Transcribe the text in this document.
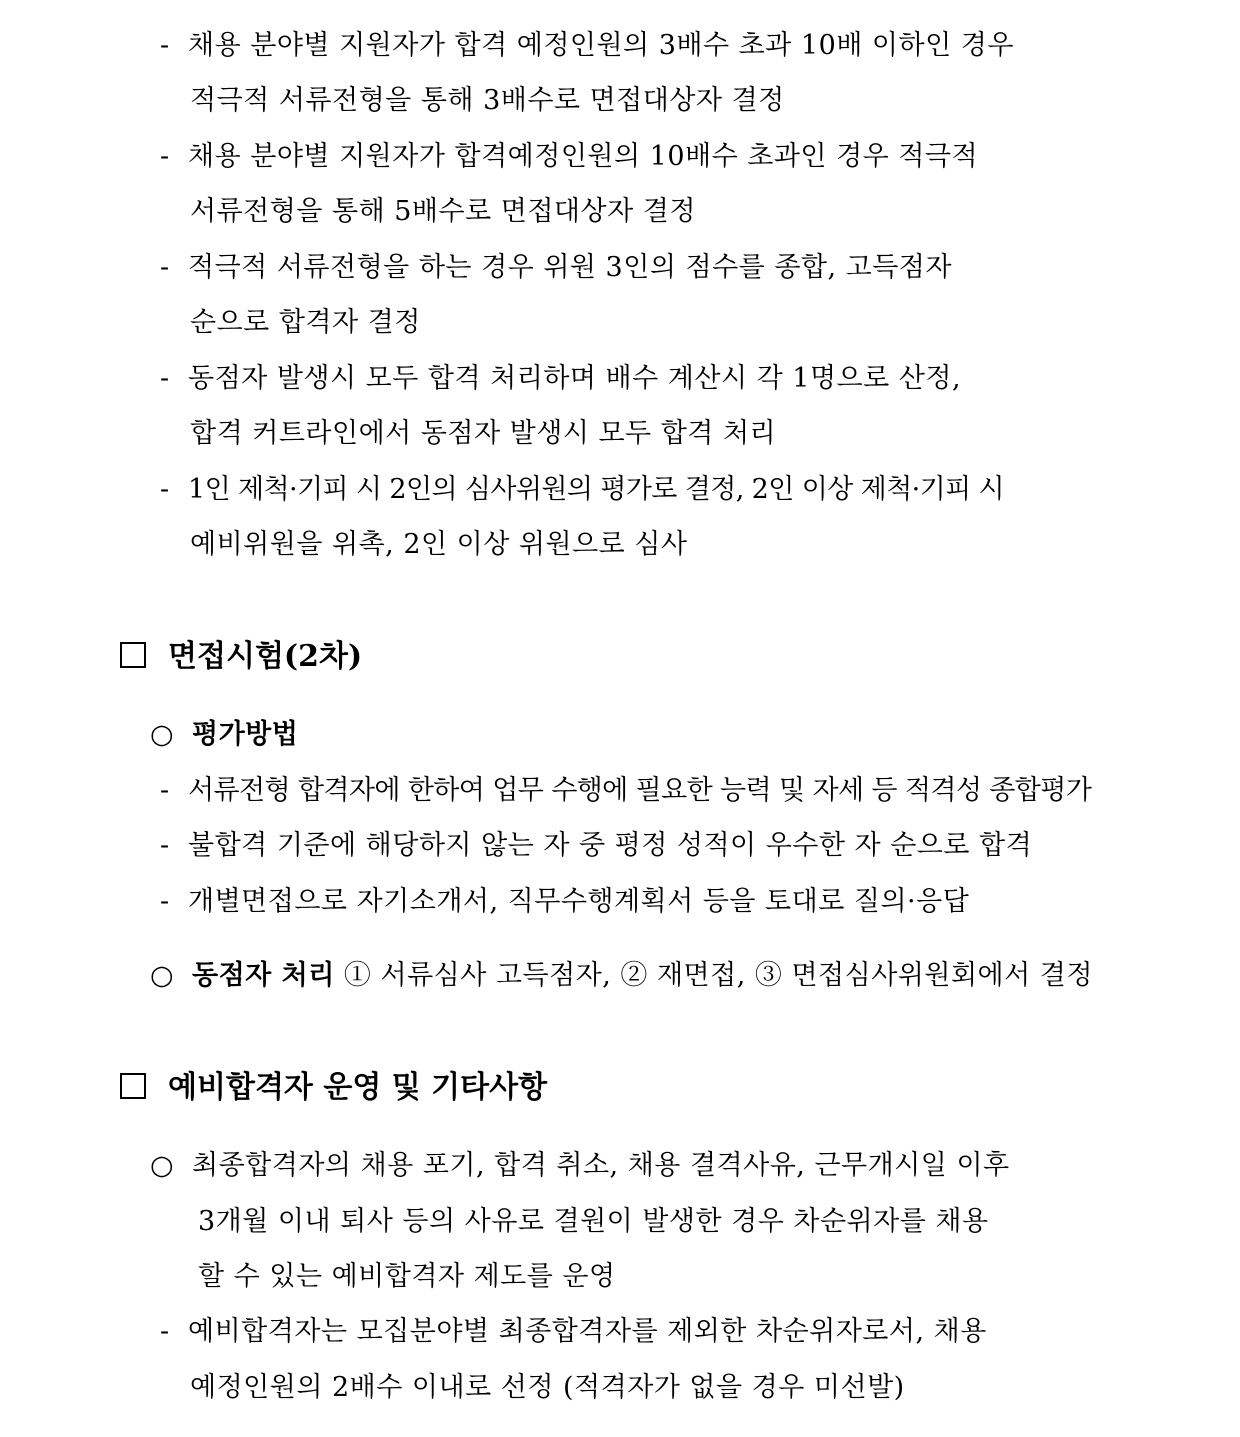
- 채용 분야별 지원자가 합격 예정인원의 3배수 초과 10배 이하인 경우
적극적 서류전형을 통해 3배수로 면접대상자 결정
- 채용 분야별 지원자가 합격예정인원의 10배수 초과인 경우 적극적
서류전형을 통해 5배수로 면접대상자 결정
- 적극적 서류전형을 하는 경우 위원 3인의 점수를 종합, 고득점자
순으로 합격자 결정
- 동점자 발생시 모두 합격 처리하며 배수 계산시 각 1명으로 산정,
합격 커트라인에서 동점자 발생시 모두 합격 처리
- 1인 제척·기피 시 2인의 심사위원의 평가로 결정, 2인 이상 제척·기피 시
예비위원을 위촉, 2인 이상 위원으로 심사
면접시험(2차)
○ 평가방법
- 서류전형 합격자에 한하여 업무 수행에 필요한 능력 및 자세 등 적격성 종합평가
- 불합격 기준에 해당하지 않는 자 중 평정 성적이 우수한 자 순으로 합격
- 개별면접으로 자기소개서, 직무수행계획서 등을 토대로 질의·응답
○ 동점자 처리 ① 서류심사 고득점자, ② 재면접, ③ 면접심사위원회에서 결정
예비합격자 운영 및 기타사항
○ 최종합격자의 채용 포기, 합격 취소, 채용 결격사유, 근무개시일 이후
3개월 이내 퇴사 등의 사유로 결원이 발생한 경우 차순위자를 채용
할 수 있는 예비합격자 제도를 운영
- 예비합격자는 모집분야별 최종합격자를 제외한 차순위자로서, 채용
예정인원의 2배수 이내로 선정 (적격자가 없을 경우 미선발)
